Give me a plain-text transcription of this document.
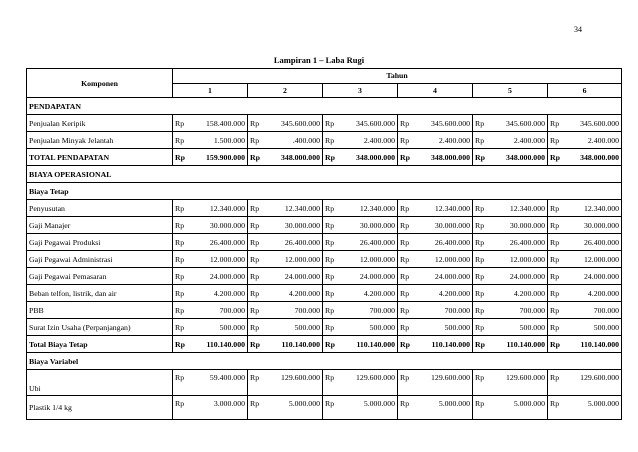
34
Lampiran 1 – Laba Rugi
Komponen	Tahun					
	1	2	3	4	5	6
PENDAPATAN						
Penjualan Keripik	Rp 158.400.000	Rp 345.600.000	Rp 345.600.000	Rp 345.600.000	Rp 345.600.000	Rp 345.600.000

Penjualan Minyak Jelantah	Rp 1.500.000	Rp .400.000	Rp 2.400.000	Rp 2.400.000	Rp 2.400.000	Rp 2.400.000

TOTAL PENDAPATAN	Rp 159.900.000	Rp 348.000.000	Rp 348.000.000	Rp 348.000.000	Rp 348.000.000	Rp 348.000.000

BIAYA OPERASIONAL						
Biaya Tetap						
Penyusutan	Rp 12.340.000	Rp 12.340.000	Rp 12.340.000	Rp 12.340.000	Rp 12.340.000	Rp 12.340.000

Gaji Manajer	Rp 30.000.000	Rp 30.000.000	Rp 30.000.000	Rp 30.000.000	Rp 30.000.000	Rp 30.000.000

Gaji Pegawai Produksi	Rp 26.400.000	Rp 26.400.000	Rp 26.400.000	Rp 26.400.000	Rp 26.400.000	Rp 26.400.000

Gaji Pegawai Administrasi	Rp 12.000.000	Rp 12.000.000	Rp 12.000.000	Rp 12.000.000	Rp 12.000.000	Rp 12.000.000

Gaji Pegawai Pemasaran	Rp 24.000.000	Rp 24.000.000	Rp 24.000.000	Rp 24.000.000	Rp 24.000.000	Rp 24.000.000

Beban telfon, listrik, dan air	Rp 4.200.000	Rp 4.200.000	Rp 4.200.000	Rp 4.200.000	Rp 4.200.000	Rp 4.200.000

PBB	Rp 700.000	Rp 700.000	Rp 700.000	Rp 700.000	Rp 700.000	Rp 700.000

Surat Izin Usaha (Perpanjangan)	Rp 500.000	Rp 500.000	Rp 500.000	Rp 500.000	Rp 500.000	Rp 500.000

Total Biaya Tetap	Rp 110.140.000	Rp 110.140.000	Rp 110.140.000	Rp 110.140.000	Rp 110.140.000	Rp 110.140.000

Biaya Variabel						
Ubi	Rp 59.400.000	Rp 129.600.000	Rp 129.600.000	Rp 129.600.000	Rp 129.600.000	Rp 129.600.000

Plastik 1/4 kg	Rp 3.000.000	Rp 5.000.000	Rp 5.000.000	Rp 5.000.000	Rp 5.000.000	Rp 5.000.000
